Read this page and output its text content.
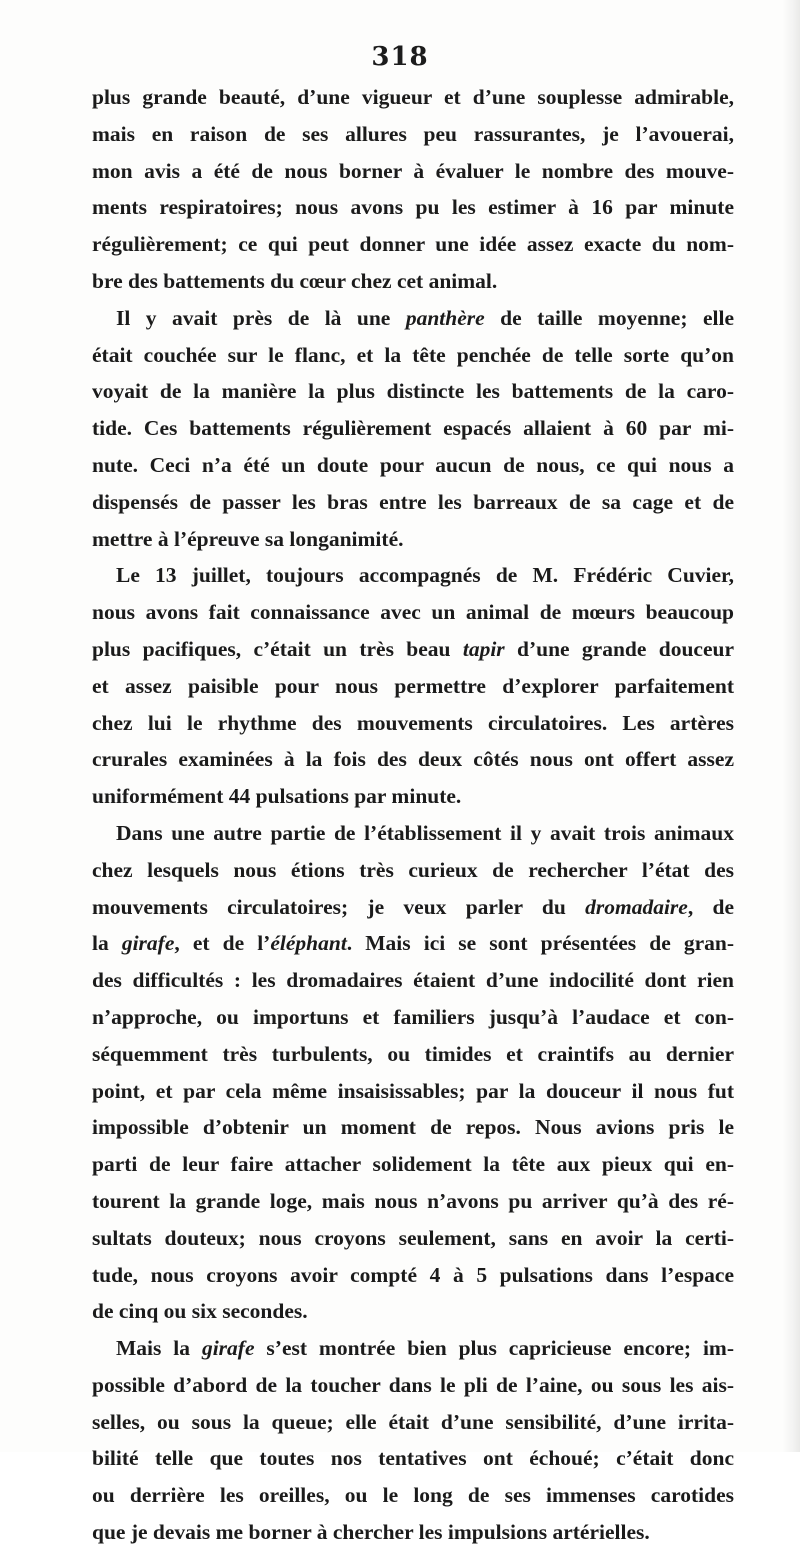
318
plus grande beauté, d’une vigueur et d’une souplesse admirable,
mais en raison de ses allures peu rassurantes, je l’avouerai,
mon avis a été de nous borner à évaluer le nombre des mouve-
ments respiratoires; nous avons pu les estimer à 16 par minute
régulièrement; ce qui peut donner une idée assez exacte du nom-
bre des battements du cœur chez cet animal.
Il y avait près de là une panthère de taille moyenne; elle
était couchée sur le flanc, et la tête penchée de telle sorte qu’on
voyait de la manière la plus distincte les battements de la caro-
tide. Ces battements régulièrement espacés allaient à 60 par mi-
nute. Ceci n’a été un doute pour aucun de nous, ce qui nous a
dispensés de passer les bras entre les barreaux de sa cage et de
mettre à l’épreuve sa longanimité.
Le 13 juillet, toujours accompagnés de M. Frédéric Cuvier,
nous avons fait connaissance avec un animal de mœurs beaucoup
plus pacifiques, c’était un très beau tapir d’une grande douceur
et assez paisible pour nous permettre d’explorer parfaitement
chez lui le rhythme des mouvements circulatoires. Les artères
crurales examinées à la fois des deux côtés nous ont offert assez
uniformément 44 pulsations par minute.
Dans une autre partie de l’établissement il y avait trois animaux
chez lesquels nous étions très curieux de rechercher l’état des
mouvements circulatoires; je veux parler du dromadaire, de
la girafe, et de l’éléphant. Mais ici se sont présentées de gran-
des difficultés : les dromadaires étaient d’une indocilité dont rien
n’approche, ou importuns et familiers jusqu’à l’audace et con-
séquemment très turbulents, ou timides et craintifs au dernier
point, et par cela même insaisissables; par la douceur il nous fut
impossible d’obtenir un moment de repos. Nous avions pris le
parti de leur faire attacher solidement la tête aux pieux qui en-
tourent la grande loge, mais nous n’avons pu arriver qu’à des ré-
sultats douteux; nous croyons seulement, sans en avoir la certi-
tude, nous croyons avoir compté 4 à 5 pulsations dans l’espace
de cinq ou six secondes.
Mais la girafe s’est montrée bien plus capricieuse encore; im-
possible d’abord de la toucher dans le pli de l’aine, ou sous les ais-
selles, ou sous la queue; elle était d’une sensibilité, d’une irrita-
bilité telle que toutes nos tentatives ont échoué; c’était donc
ou derrière les oreilles, ou le long de ses immenses carotides
que je devais me borner à chercher les impulsions artérielles.
